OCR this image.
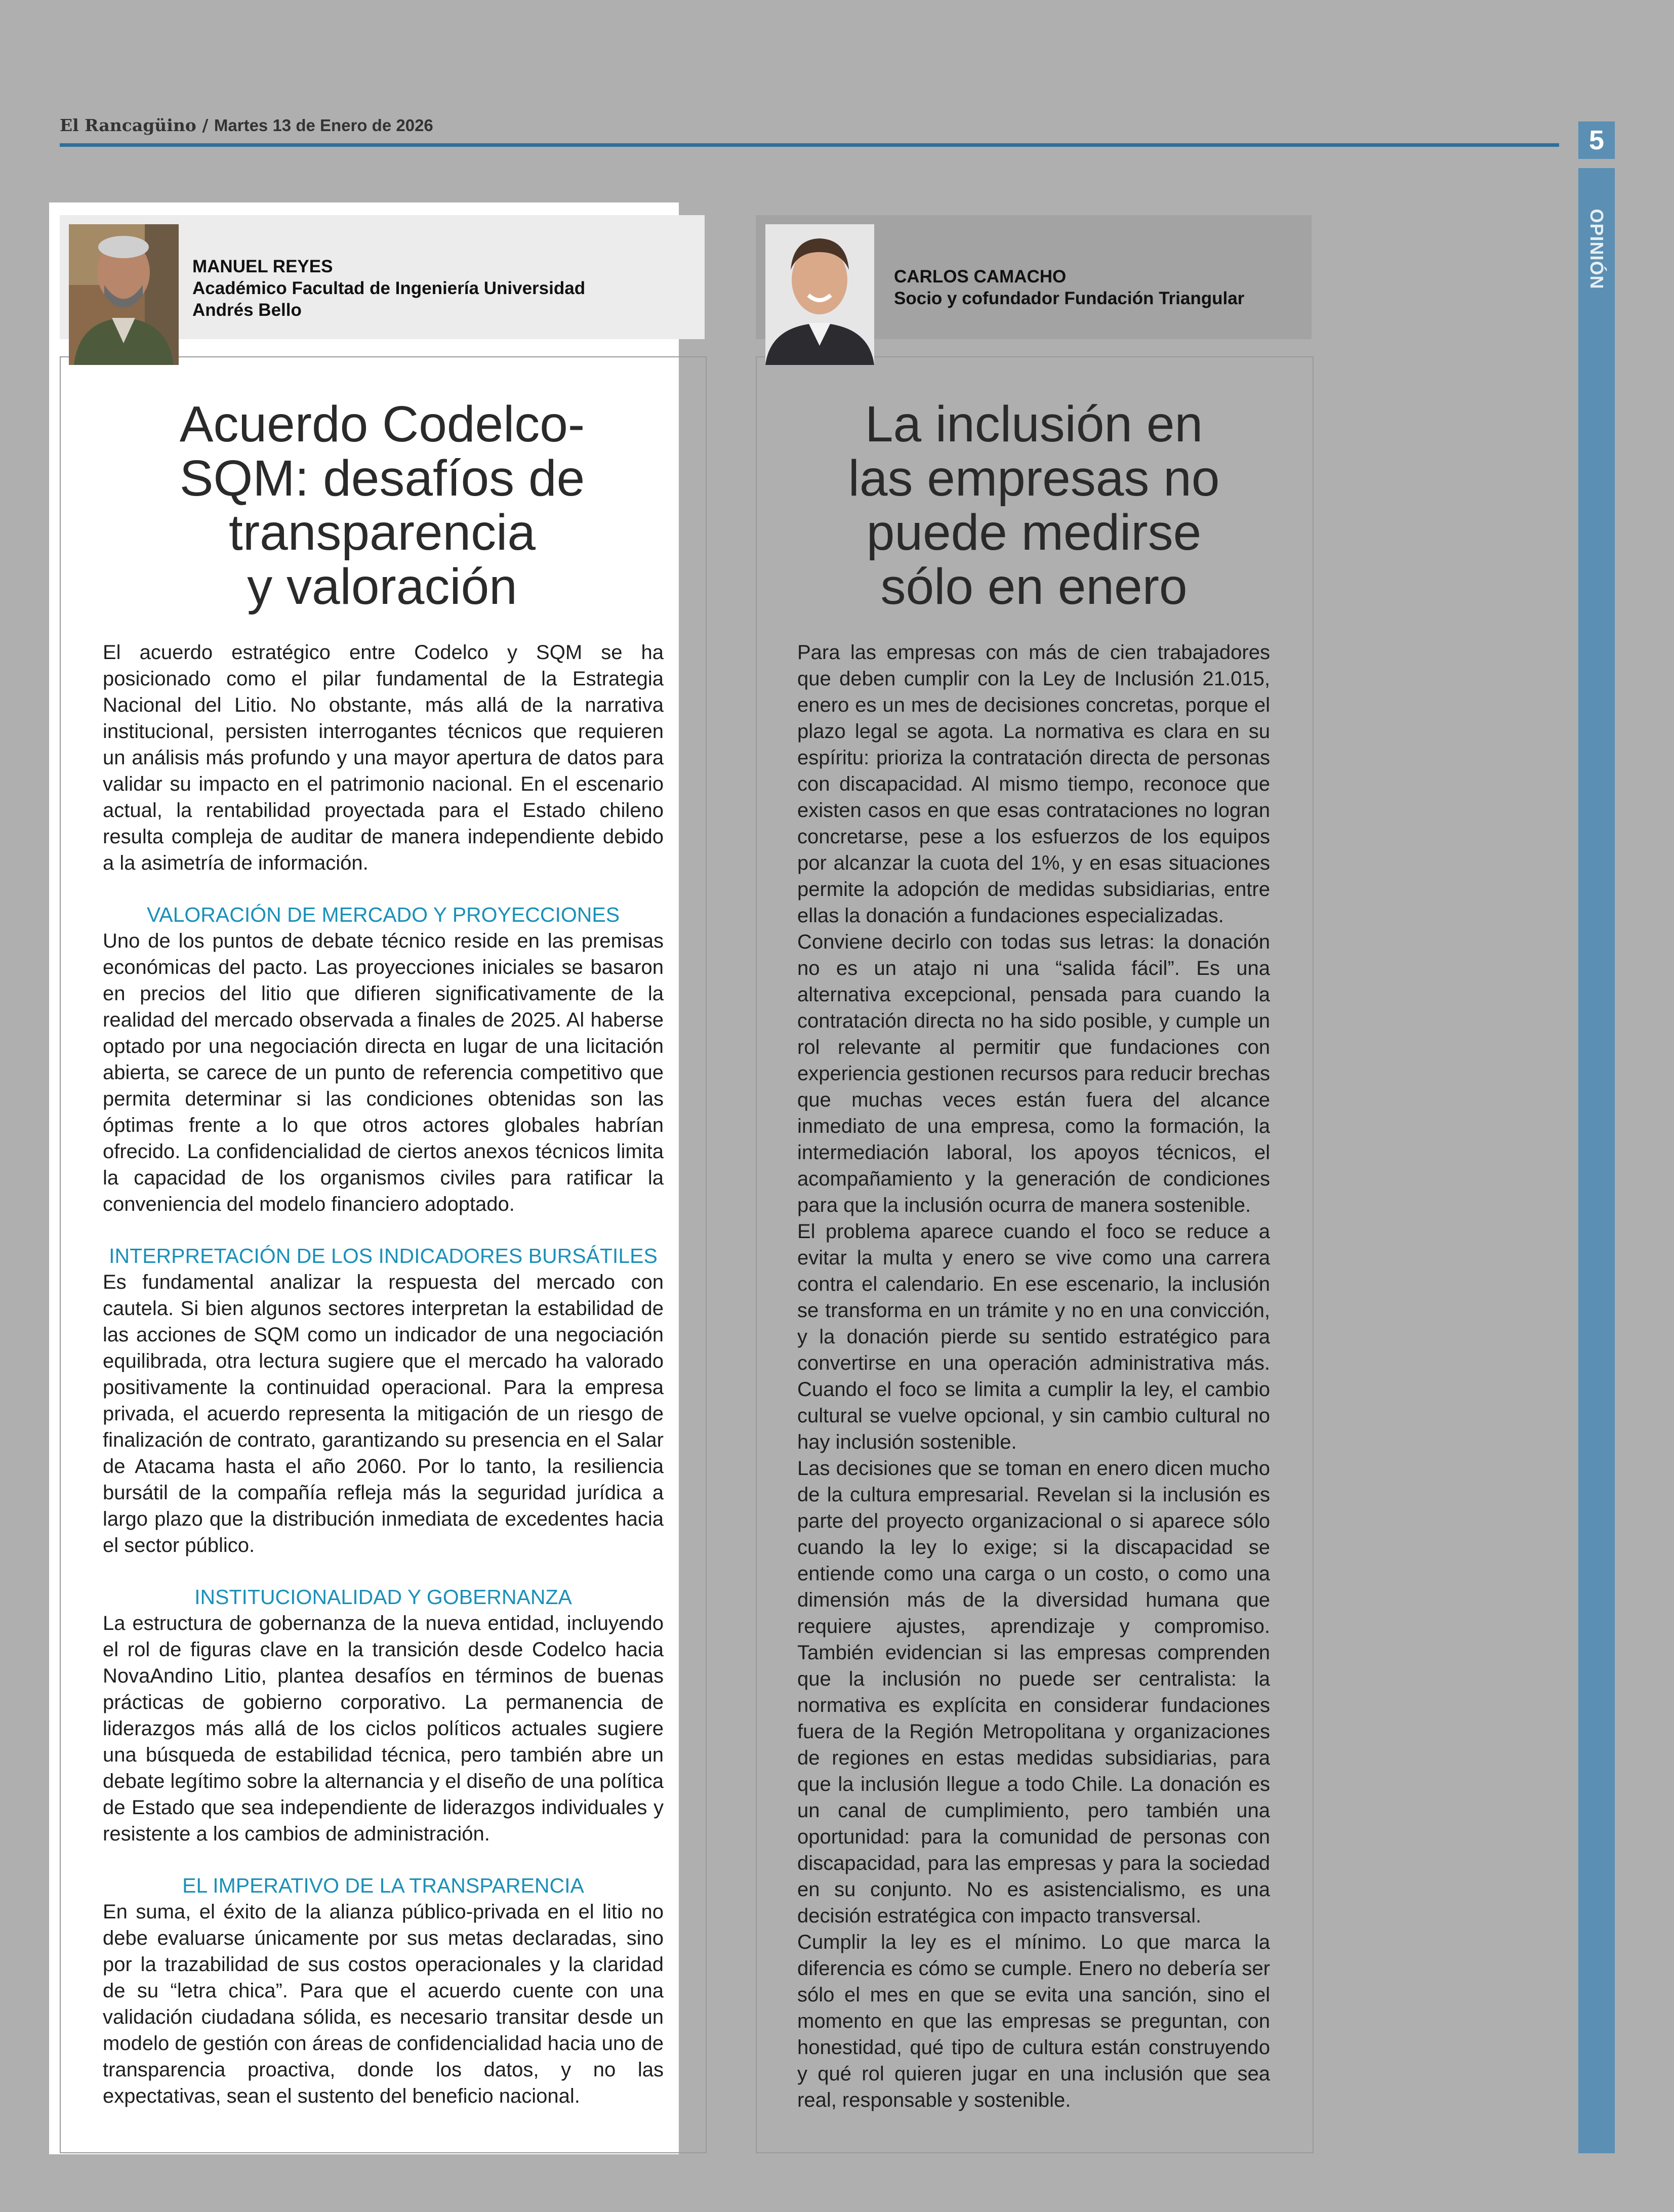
El Rancagüino / Martes 13 de Enero de 2026	5
OPINIÓN
MANUEL REYES
Académico Facultad de Ingeniería Universidad
Andrés Bello
Acuerdo Codelco-
SQM: desafíos de
transparencia
y valoración

El acuerdo estratégico entre Codelco y SQM se ha posicionado como el pilar fundamental de la Estrategia Nacional del Litio. No obstante, más allá de la narrativa institucional, persisten interrogantes técnicos que requieren un análisis más profundo y una mayor apertura de datos para validar su impacto en el patrimonio nacional. En el escenario actual, la rentabilidad proyectada para el Estado chileno resulta compleja de auditar de manera independiente debido a la asimetría de información.

VALORACIÓN DE MERCADO Y PROYECCIONES

Uno de los puntos de debate técnico reside en las premisas económicas del pacto. Las proyecciones iniciales se basaron en precios del litio que difieren significativamente de la realidad del mercado observada a finales de 2025. Al haberse optado por una negociación directa en lugar de una licitación abierta, se carece de un punto de referencia competitivo que permita determinar si las condiciones obtenidas son las óptimas frente a lo que otros actores globales habrían ofrecido. La confidencialidad de ciertos anexos técnicos limita la capacidad de los organismos civiles para ratificar la conveniencia del modelo financiero adoptado.

INTERPRETACIÓN DE LOS INDICADORES BURSÁTILES

Es fundamental analizar la respuesta del mercado con cautela. Si bien algunos sectores interpretan la estabilidad de las acciones de SQM como un indicador de una negociación equilibrada, otra lectura sugiere que el mercado ha valorado positivamente la continuidad operacional. Para la empresa privada, el acuerdo representa la mitigación de un riesgo de finalización de contrato, garantizando su presencia en el Salar de Atacama hasta el año 2060. Por lo tanto, la resiliencia bursátil de la compañía refleja más la seguridad jurídica a largo plazo que la distribución inmediata de excedentes hacia el sector público.

INSTITUCIONALIDAD Y GOBERNANZA

La estructura de gobernanza de la nueva entidad, incluyendo el rol de figuras clave en la transición desde Codelco hacia NovaAndino Litio, plantea desafíos en términos de buenas prácticas de gobierno corporativo. La permanencia de liderazgos más allá de los ciclos políticos actuales sugiere una búsqueda de estabilidad técnica, pero también abre un debate legítimo sobre la alternancia y el diseño de una política de Estado que sea independiente de liderazgos individuales y resistente a los cambios de administración.

EL IMPERATIVO DE LA TRANSPARENCIA

En suma, el éxito de la alianza público-privada en el litio no debe evaluarse únicamente por sus metas declaradas, sino por la trazabilidad de sus costos operacionales y la claridad de su “letra chica”. Para que el acuerdo cuente con una validación ciudadana sólida, es necesario transitar desde un modelo de gestión con áreas de confidencialidad hacia uno de transparencia proactiva, donde los datos, y no las expectativas, sean el sustento del beneficio nacional.

CARLOS CAMACHO
Socio y cofundador Fundación Triangular
La inclusión en
las empresas no
puede medirse
sólo en enero

Para las empresas con más de cien trabajadores que deben cumplir con la Ley de Inclusión 21.015, enero es un mes de decisiones concretas, porque el plazo legal se agota. La normativa es clara en su espíritu: prioriza la contratación directa de personas con discapacidad. Al mismo tiempo, reconoce que existen casos en que esas contrataciones no logran concretarse, pese a los esfuerzos de los equipos por alcanzar la cuota del 1%, y en esas situaciones permite la adopción de medidas subsidiarias, entre ellas la donación a fundaciones especializadas.

Conviene decirlo con todas sus letras: la donación no es un atajo ni una “salida fácil”. Es una alternativa excepcional, pensada para cuando la contratación directa no ha sido posible, y cumple un rol relevante al permitir que fundaciones con experiencia gestionen recursos para reducir brechas que muchas veces están fuera del alcance inmediato de una empresa, como la formación, la intermediación laboral, los apoyos técnicos, el acompañamiento y la generación de condiciones para que la inclusión ocurra de manera sostenible.

El problema aparece cuando el foco se reduce a evitar la multa y enero se vive como una carrera contra el calendario. En ese escenario, la inclusión se transforma en un trámite y no en una convicción, y la donación pierde su sentido estratégico para convertirse en una operación administrativa más. Cuando el foco se limita a cumplir la ley, el cambio cultural se vuelve opcional, y sin cambio cultural no hay inclusión sostenible.

Las decisiones que se toman en enero dicen mucho de la cultura empresarial. Revelan si la inclusión es parte del proyecto organizacional o si aparece sólo cuando la ley lo exige; si la discapacidad se entiende como una carga o un costo, o como una dimensión más de la diversidad humana que requiere ajustes, aprendizaje y compromiso. También evidencian si las empresas comprenden que la inclusión no puede ser centralista: la normativa es explícita en considerar fundaciones fuera de la Región Metropolitana y organizaciones de regiones en estas medidas subsidiarias, para que la inclusión llegue a todo Chile. La donación es un canal de cumplimiento, pero también una oportunidad: para la comunidad de personas con discapacidad, para las empresas y para la sociedad en su conjunto. No es asistencialismo, es una decisión estratégica con impacto transversal.

Cumplir la ley es el mínimo. Lo que marca la diferencia es cómo se cumple. Enero no debería ser sólo el mes en que se evita una sanción, sino el momento en que las empresas se preguntan, con honestidad, qué tipo de cultura están construyendo y qué rol quieren jugar en una inclusión que sea real, responsable y sostenible.
